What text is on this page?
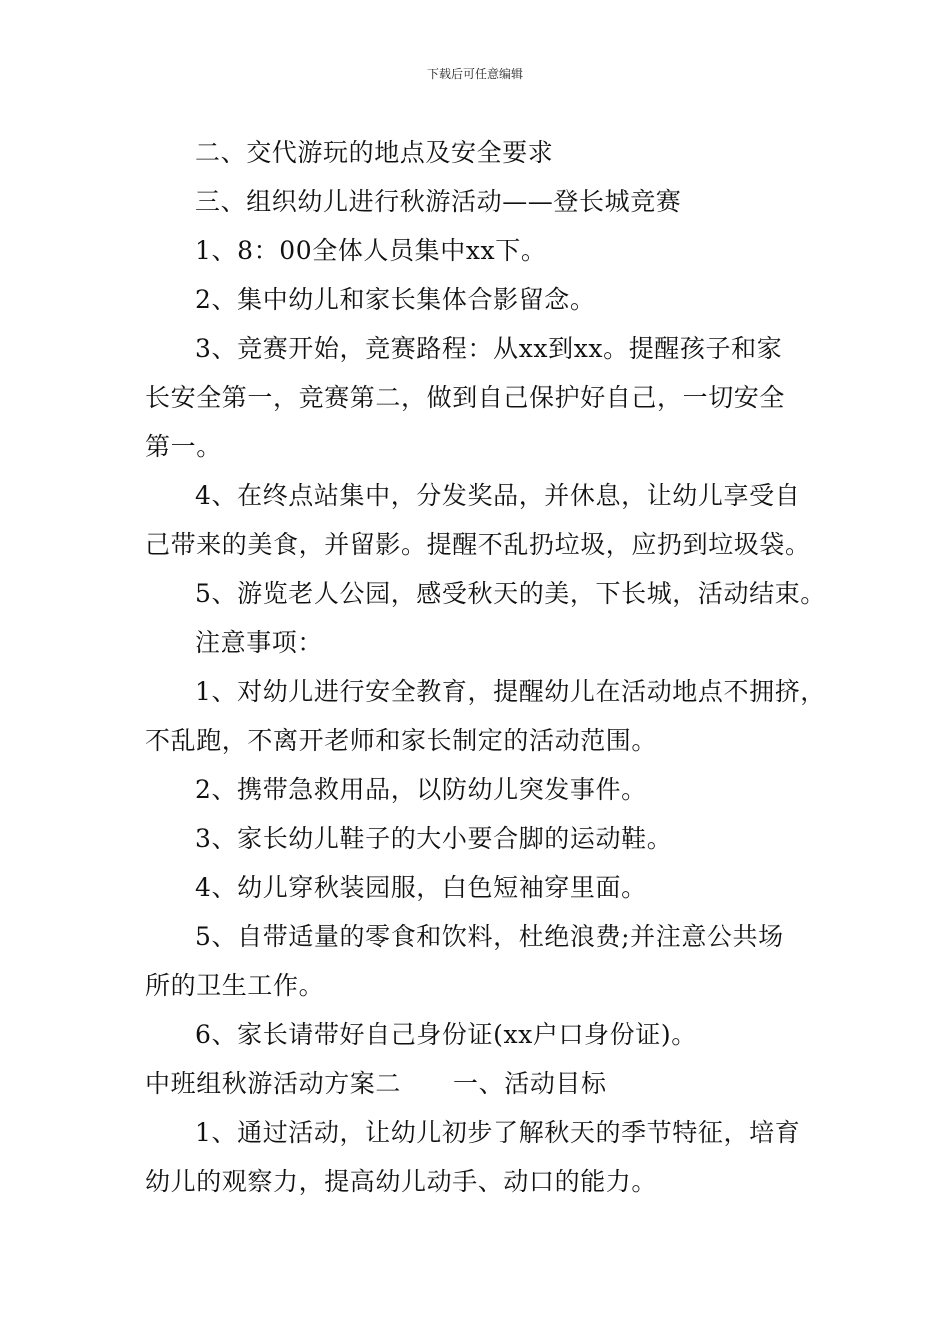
下载后可任意编辑
二、交代游玩的地点及安全要求
三、组织幼儿进行秋游活动——登长城竞赛
1、8：00全体人员集中xx下。
2、集中幼儿和家长集体合影留念。
3、竞赛开始，竞赛路程：从xx到xx。提醒孩子和家
长安全第一，竞赛第二，做到自己保护好自己，一切安全
第一。
4、在终点站集中，分发奖品，并休息，让幼儿享受自
己带来的美食，并留影。提醒不乱扔垃圾，应扔到垃圾袋。
5、游览老人公园，感受秋天的美，下长城，活动结束。
注意事项：
1、对幼儿进行安全教育，提醒幼儿在活动地点不拥挤，
不乱跑，不离开老师和家长制定的活动范围。
2、携带急救用品，以防幼儿突发事件。
3、家长幼儿鞋子的大小要合脚的运动鞋。
4、幼儿穿秋装园服，白色短袖穿里面。
5、自带适量的零食和饮料，杜绝浪费;并注意公共场
所的卫生工作。
6、家长请带好自己身份证(xx户口身份证)。
中班组秋游活动方案二 一、活动目标
1、通过活动，让幼儿初步了解秋天的季节特征，培育
幼儿的观察力，提高幼儿动手、动口的能力。
